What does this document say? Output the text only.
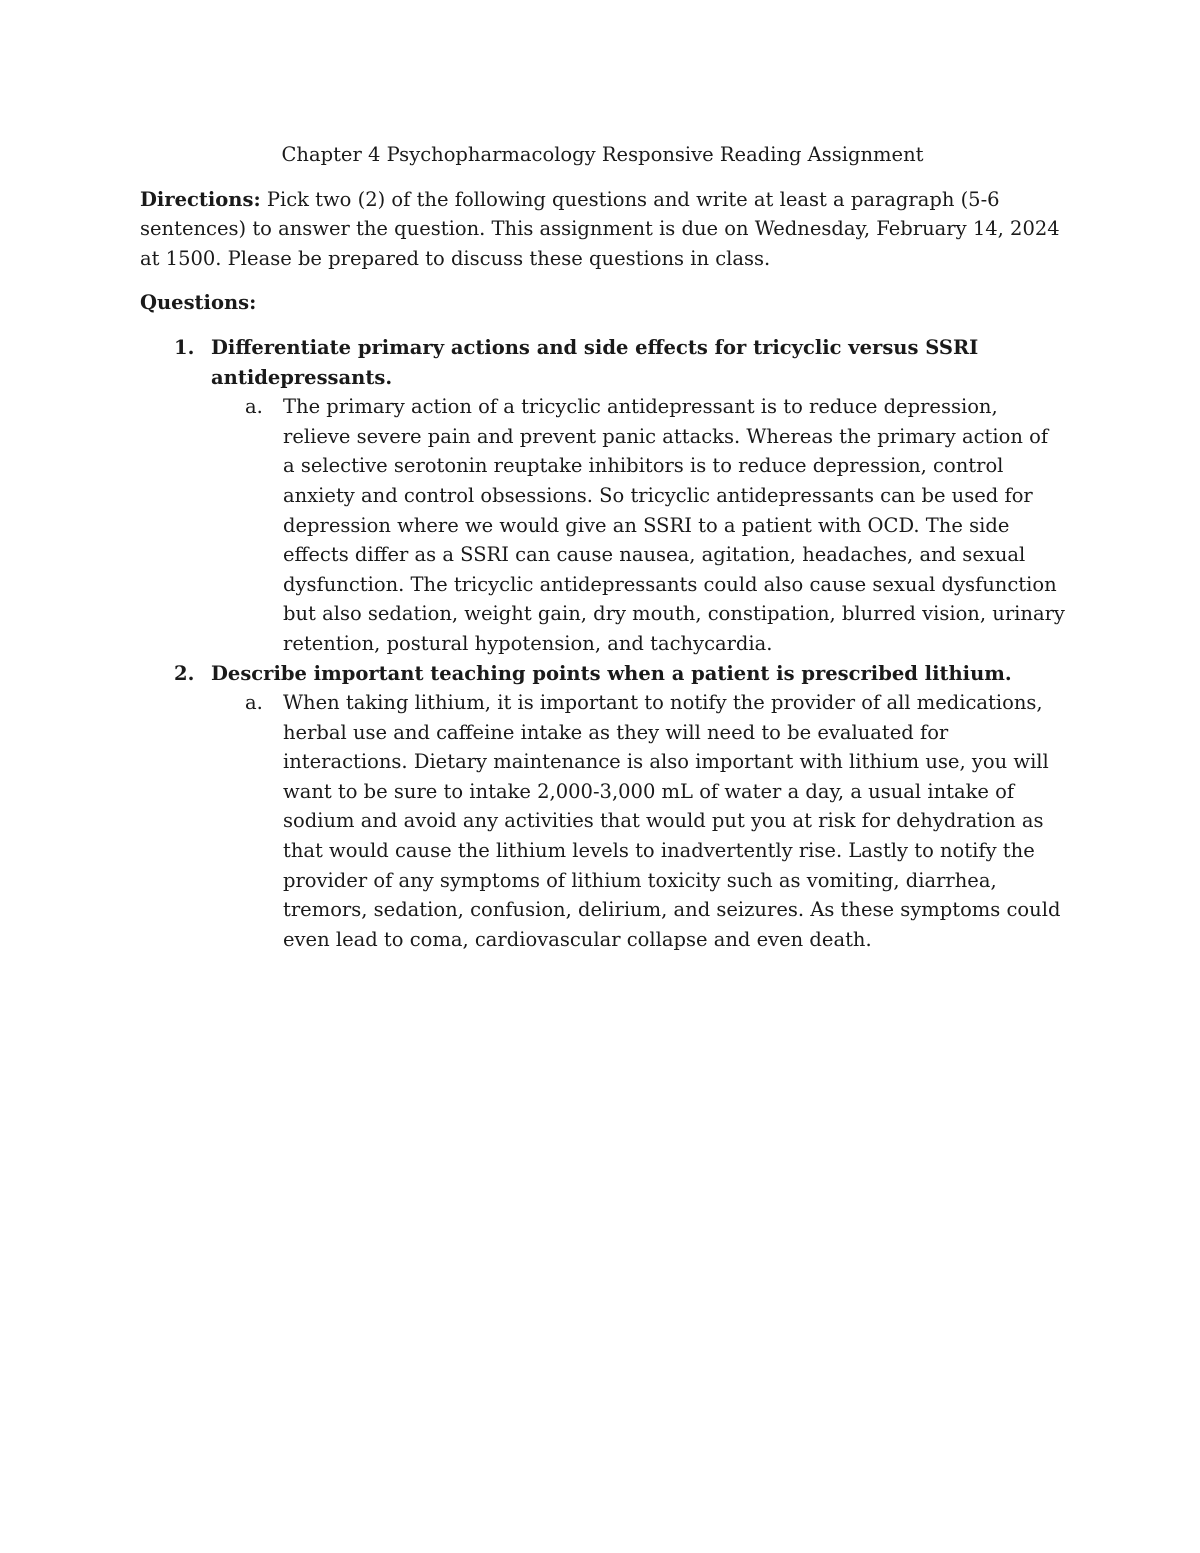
Chapter 4 Psychopharmacology Responsive Reading Assignment
Directions: Pick two (2) of the following questions and write at least a paragraph (5-6 sentences) to answer the question. This assignment is due on Wednesday, February 14, 2024 at 1500. Please be prepared to discuss these questions in class.
Questions:
1. Differentiate primary actions and side effects for tricyclic versus SSRI antidepressants.
a. The primary action of a tricyclic antidepressant is to reduce depression, relieve severe pain and prevent panic attacks. Whereas the primary action of a selective serotonin reuptake inhibitors is to reduce depression, control anxiety and control obsessions. So tricyclic antidepressants can be used for depression where we would give an SSRI to a patient with OCD. The side effects differ as a SSRI can cause nausea, agitation, headaches, and sexual dysfunction. The tricyclic antidepressants could also cause sexual dysfunction but also sedation, weight gain, dry mouth, constipation, blurred vision, urinary retention, postural hypotension, and tachycardia.
2. Describe important teaching points when a patient is prescribed lithium.
a. When taking lithium, it is important to notify the provider of all medications, herbal use and caffeine intake as they will need to be evaluated for interactions. Dietary maintenance is also important with lithium use, you will want to be sure to intake 2,000-3,000 mL of water a day, a usual intake of sodium and avoid any activities that would put you at risk for dehydration as that would cause the lithium levels to inadvertently rise. Lastly to notify the provider of any symptoms of lithium toxicity such as vomiting, diarrhea, tremors, sedation, confusion, delirium, and seizures. As these symptoms could even lead to coma, cardiovascular collapse and even death.
